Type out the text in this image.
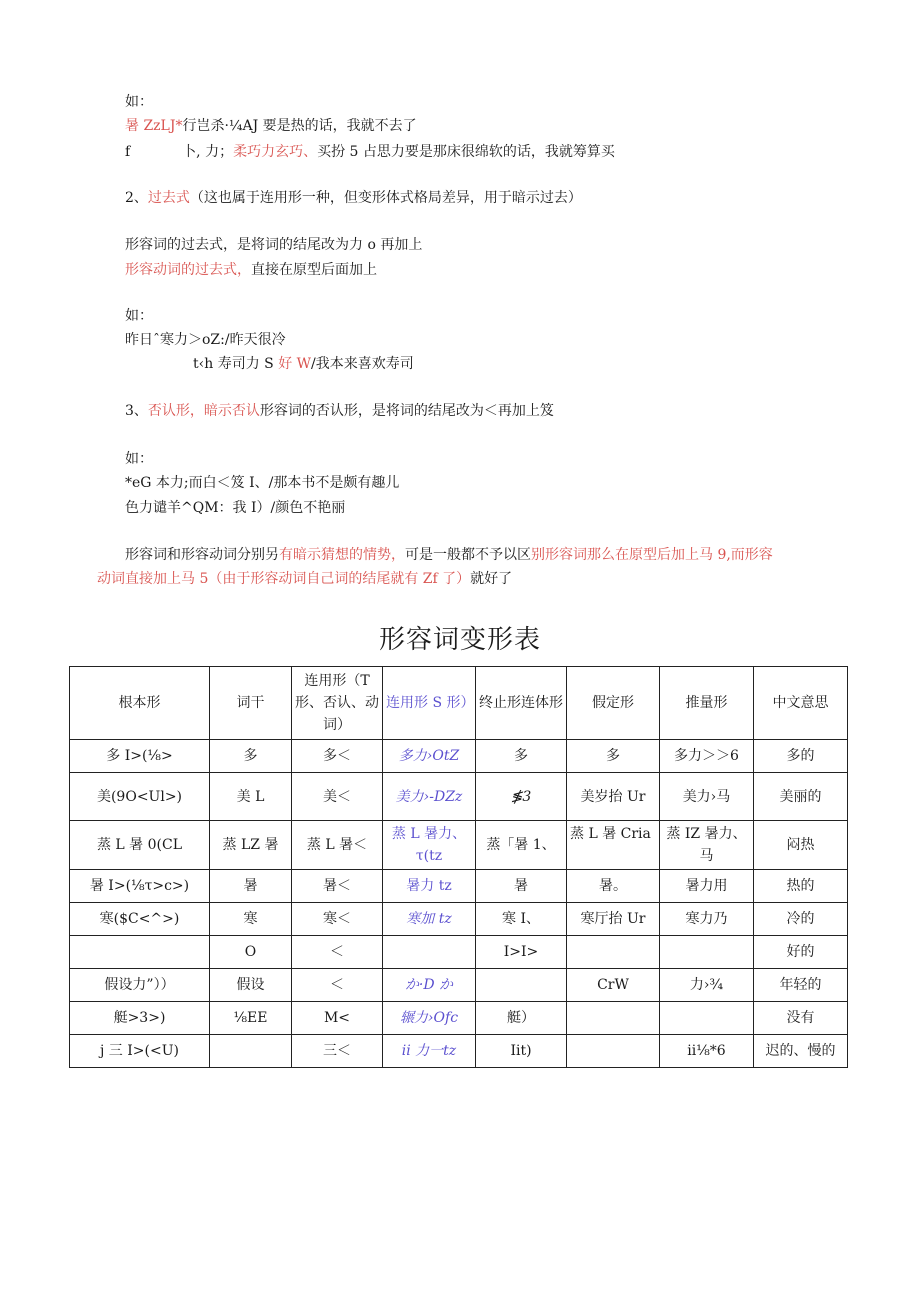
如：
暑 ZzLJ*行岂杀·¼AJ 要是热的话，我就不去了
f	卜, 力；柔巧力玄巧、买扮 5 占思力要是那床很绵软的话，我就筹算买
2、过去式（这也属于连用形一种，但变形体式格局差异，用于暗示过去）
形容词的过去式，是将词的结尾改为力 o 再加上
形容动词的过去式，直接在原型后面加上
如：
昨日ˆ寒力＞oZ:/昨天很冷
t‹h 寿司力 S 好 W/我本来喜欢寿司
3、否认形，暗示否认形容词的否认形，是将词的结尾改为＜再加上笈
如：
*eG 本力;而白＜笈 I、/那本书不是颇有趣儿
色力谴羊^QM：我 I）/颜色不艳丽
形容词和形容动词分别另有暗示猜想的情势，可是一般都不予以区别形容词那么在原型后加上马 9,而形容
动词直接加上马 5（由于形容动词自己词的结尾就有 Zf 了）就好了
形容词变形表
根本形	词干	连用形（T形、否认、动词）	连用形 S 形）	终止形连体形	假定形	推量形	中文意思
多 I>(⅛>	多	多＜	多力›OtZ	多	多	多力＞＞6	多的
美(9O<Ul>)	美 L	美＜	美力›-DZz	≸3	美岁抬 Ur	美力›马	美丽的
蒸 L 暑 0(CL	蒸 LZ 暑	蒸 L 暑＜	蒸 L 暑力、τ(tz	蒸「暑 1、	蒸 L 暑 Cria	蒸 IZ 暑力、马	闷热
暑 I>(⅛τ>c>)	暑	暑＜	暑力 tz	暑	暑。	暑力用	热的
寒($C<^>)	寒	寒＜	寒加 tz	寒 I、	寒厅抬 Ur	寒力乃	冷的
	O	＜		I>I>			好的
假设力”））	假设	＜	か·D か		CrW	力›¾	年轻的
艇>3>)	⅛EE	M<	辗力›Ofc	艇）			没有
j 三 I>(<U)		三＜	ii 力一tz	Iit)		ii⅛*6	迟的、慢的
